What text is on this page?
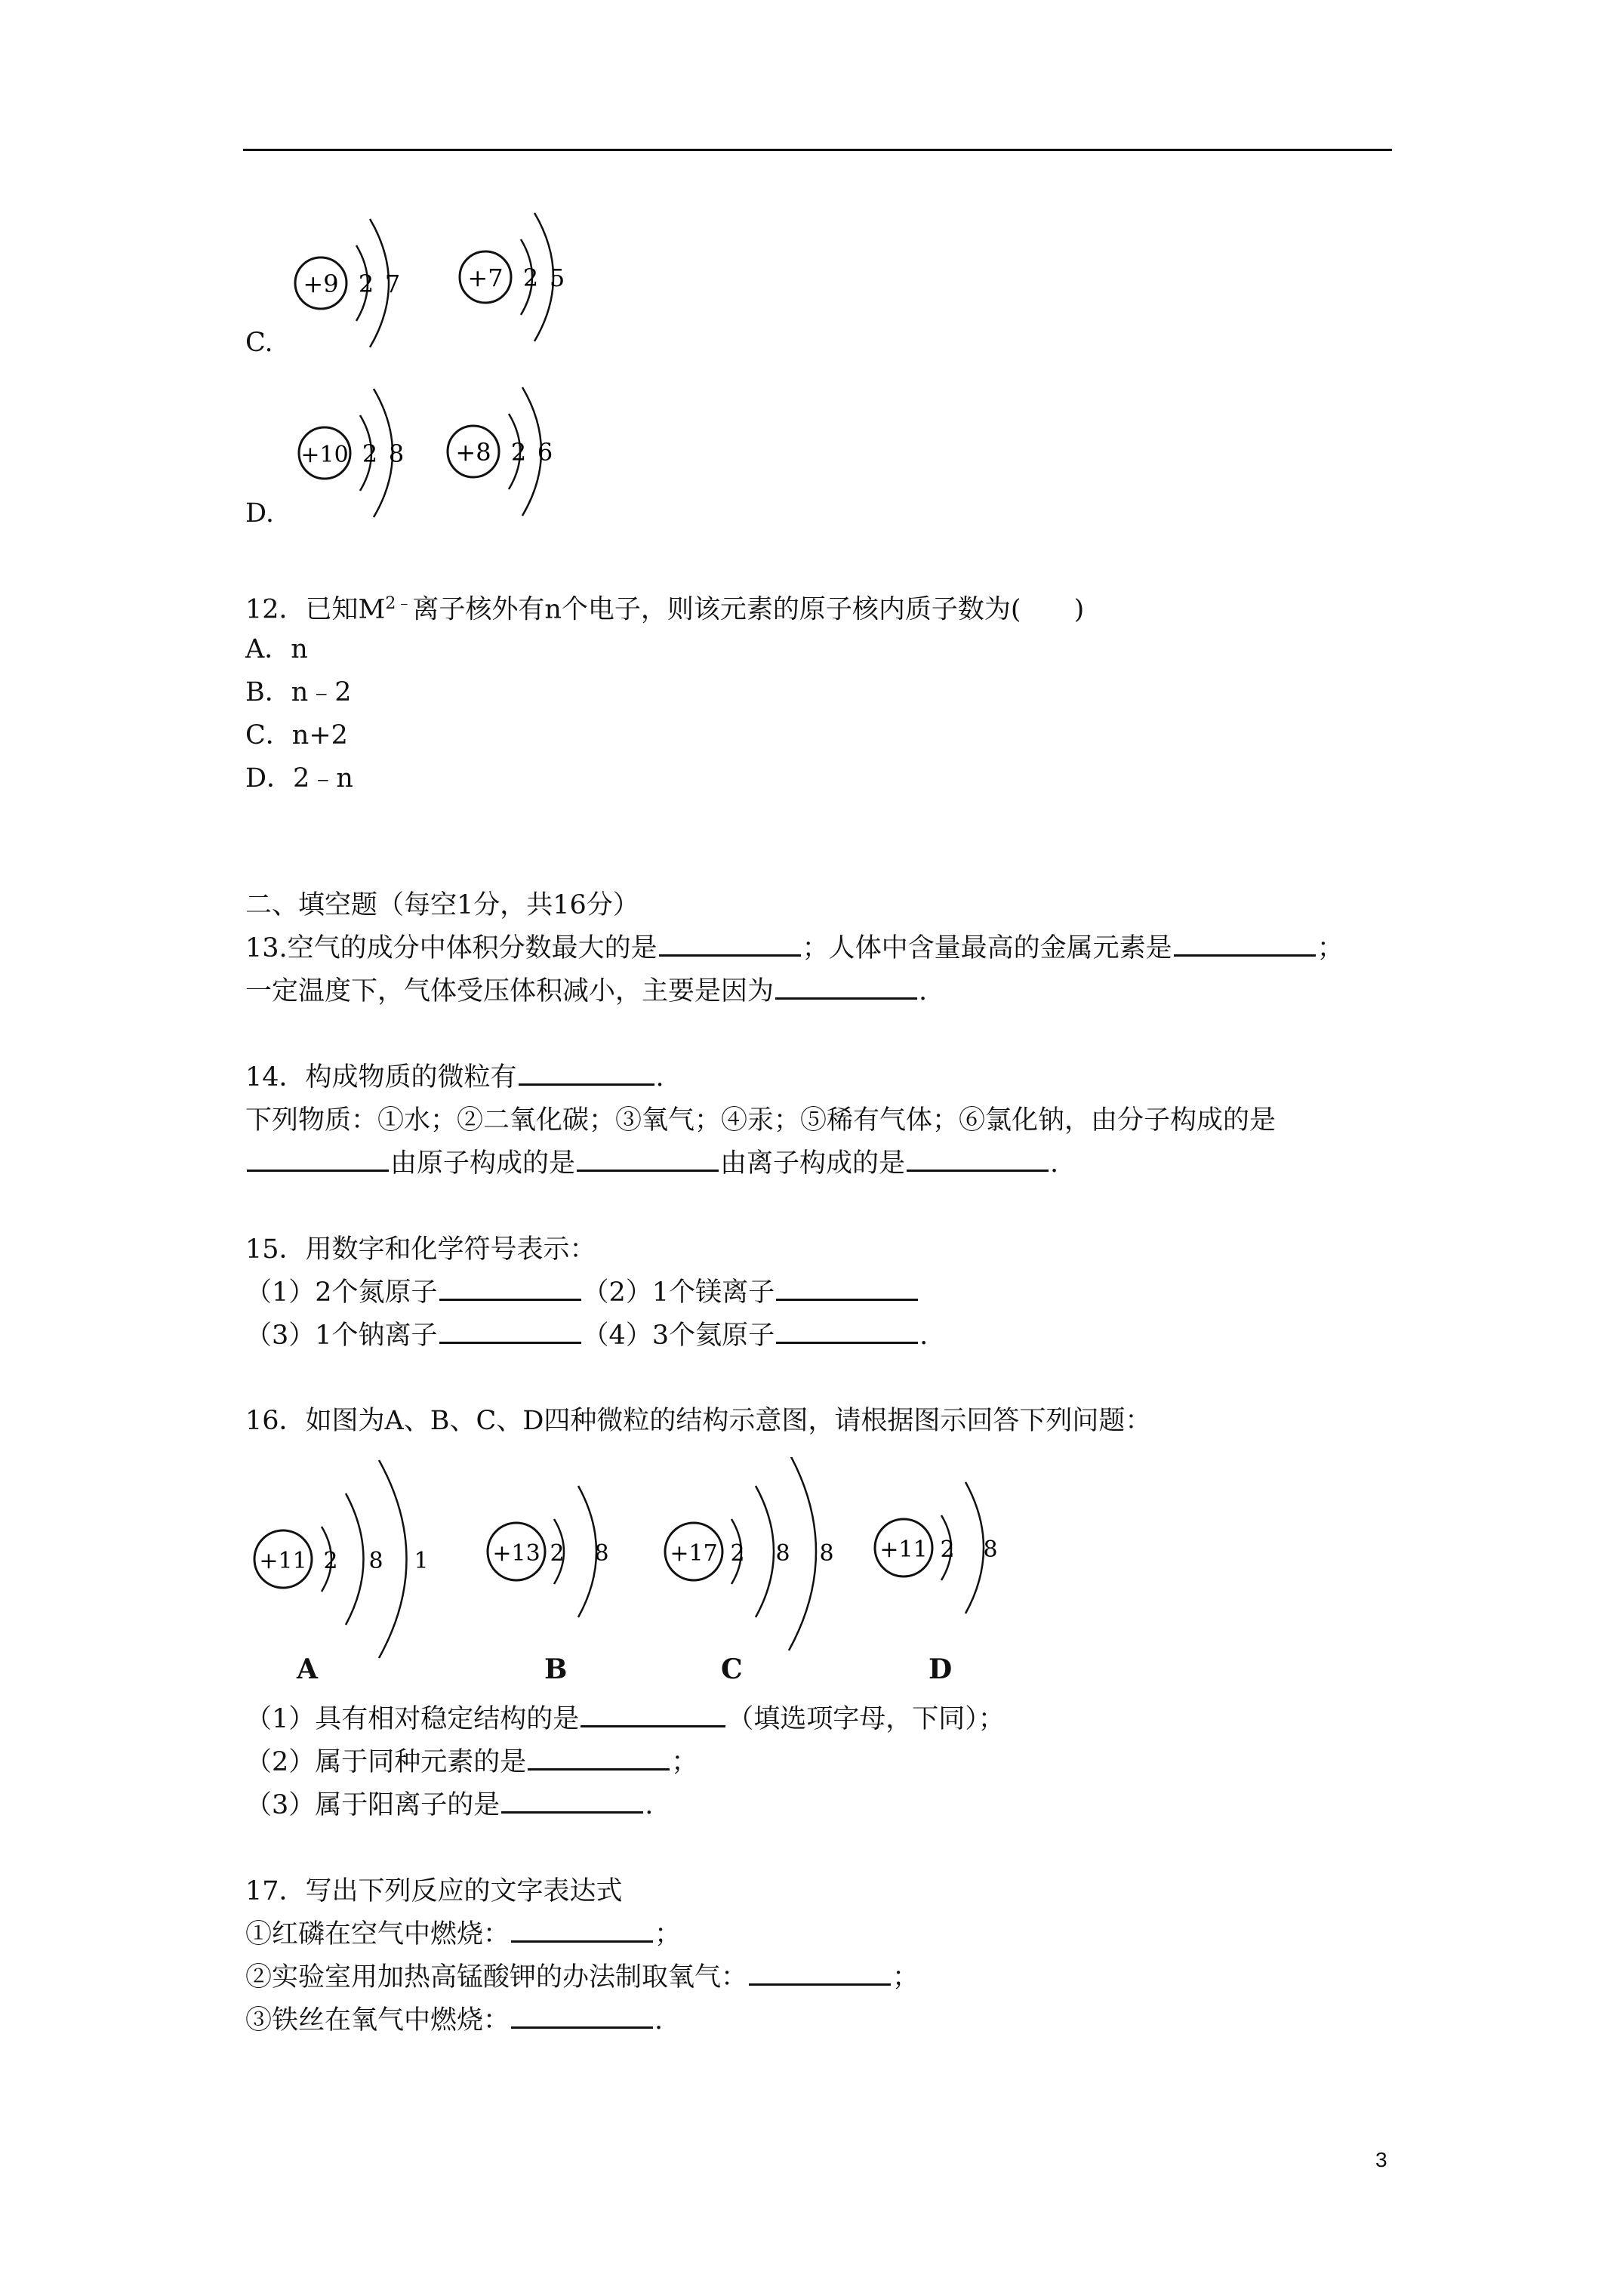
+9 2 7	+7 2 5
C.
+10 2 8 +8 2 6
D.
12．已知$M^{2﹣}$离子核外有n个电子，则该元素的原子核内质子数为(　　)
A．n
B．n﹣2
C．n+2
D．2﹣n
二、填空题（每空1分，共16分）
13.空气的成分中体积分数最大的是	；人体中含量最高的金属元素是	；
一定温度下，气体受压体积减小，主要是因为	.
14．构成物质的微粒有	.
下列物质：①水；②二氧化碳；③氧气；④汞；⑤稀有气体；⑥氯化钠，由分子构成的是
由原子构成的是	由离子构成的是	.
15．用数字和化学符号表示：
（1）2个氮原子	（2）1个镁离子
（3）1个钠离子	（4）3个氦原子	.
16．如图为A、B、C、D四种微粒的结构示意图，请根据图示回答下列问题：
+11 2 8 1	+13 2 8	+17 2 8 8 +11 2 8
A	B	C	D
（1）具有相对稳定结构的是	（填选项字母，下同）；
（2）属于同种元素的是	；
（3）属于阳离子的是	.
17．写出下列反应的文字表达式
①红磷在空气中燃烧：	；
②实验室用加热高锰酸钾的办法制取氧气：	；
③铁丝在氧气中燃烧：	.
3
